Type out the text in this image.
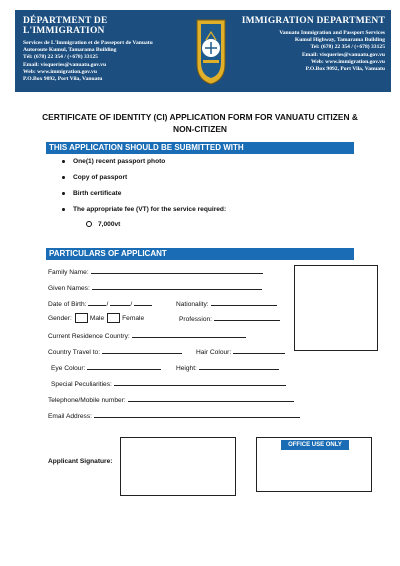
DÉPARTMENT DE L'IMMIGRATION
Services de L'Immigration et de Passeport de Vanuatu
Autoroute Kumul, Tamarama Building
Tél: (678) 22 354 / (+678) 33125
Email: visqueries@vanuatu.gov.vu
Web: www.immigration.gov.vu
P.O.Box 9092, Port Vila, Vanuatu
IMMIGRATION DEPARTMENT
Vanuatu Immigration and Passport Services
Kumul Highway, Tamarama Building
Tel: (678) 22 354 / (+678) 33125
Email: visqueries@vanuatu.gov.vu
Web: www.immigration.gov.vu
P.O.Box 9092, Port Vila, Vanuatu
CERTIFICATE OF IDENTITY (CI) APPLICATION FORM FOR VANUATU CITIZEN &
NON-CITIZEN
THIS APPLICATION SHOULD BE SUBMITTED WITH
One(1) recent passport photo
Copy of passport
Birth certificate
The appropriate fee (VT) for the service required:
7,000vt
PARTICULARS OF APPLICANT
Family Name:
Given Names:
Date of Birth:	/	/	Nationality:
Gender:	Male	Female	Profession:
Current Residence Country:
Country Travel to:	Hair Colour:
Eye Colour:	Height:
Special Peculiarities:
Telephone/Mobile number:
Email Address:
Applicant Signature:
OFFICE USE ONLY
